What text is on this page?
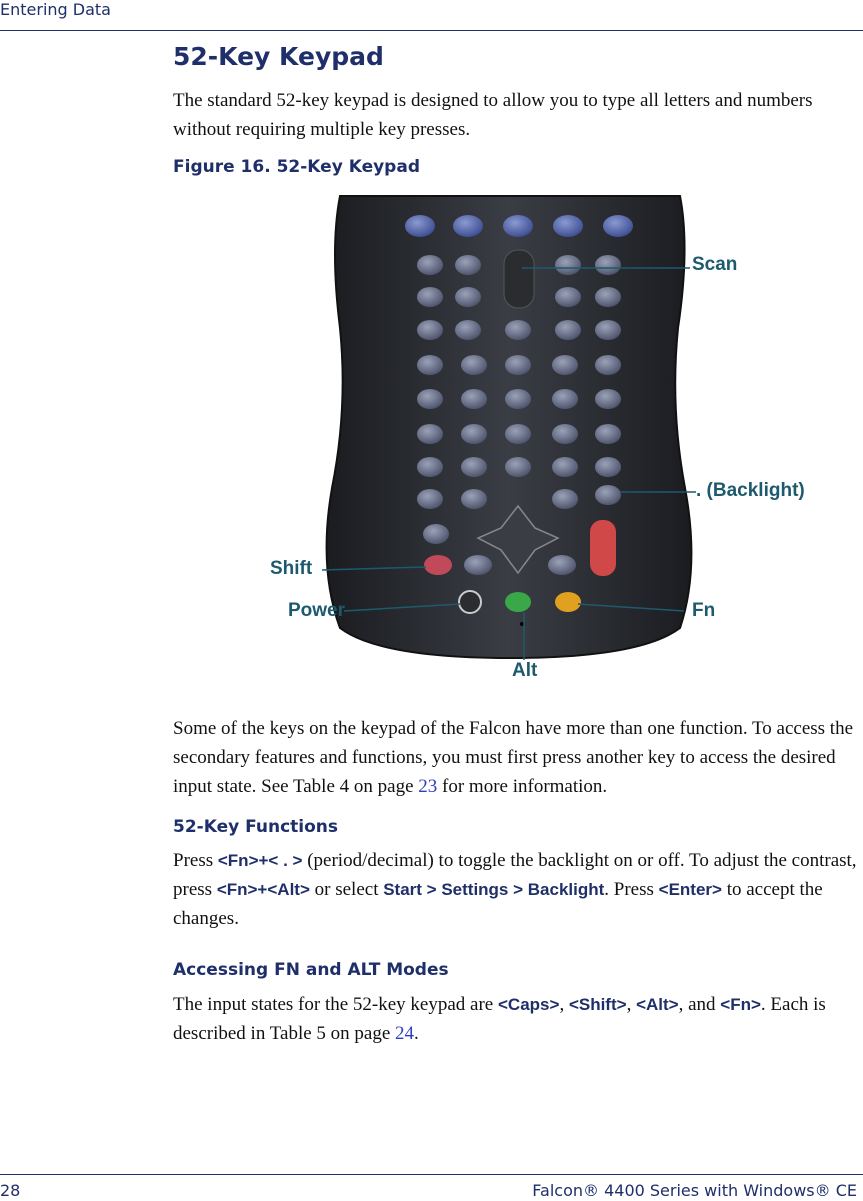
Entering Data
52-Key Keypad
The standard 52-key keypad is designed to allow you to type all letters and numbers without requiring multiple key presses.
Figure 16. 52-Key Keypad
Scan
. (Backlight)
Shift
Power	Fn
Alt
Some of the keys on the keypad of the Falcon have more than one function. To access the secondary features and functions, you must first press another key to access the desired input state. See Table 4 on page 23 for more information.
52-Key Functions
Press <Fn>+< . > (period/decimal) to toggle the backlight on or off. To adjust the contrast, press <Fn>+<Alt> or select Start > Settings > Backlight. Press <Enter> to accept the changes.
Accessing FN and ALT Modes
The input states for the 52-key keypad are <Caps>, <Shift>, <Alt>, and <Fn>. Each is described in Table 5 on page 24.
28	Falcon® 4400 Series with Windows® CE
